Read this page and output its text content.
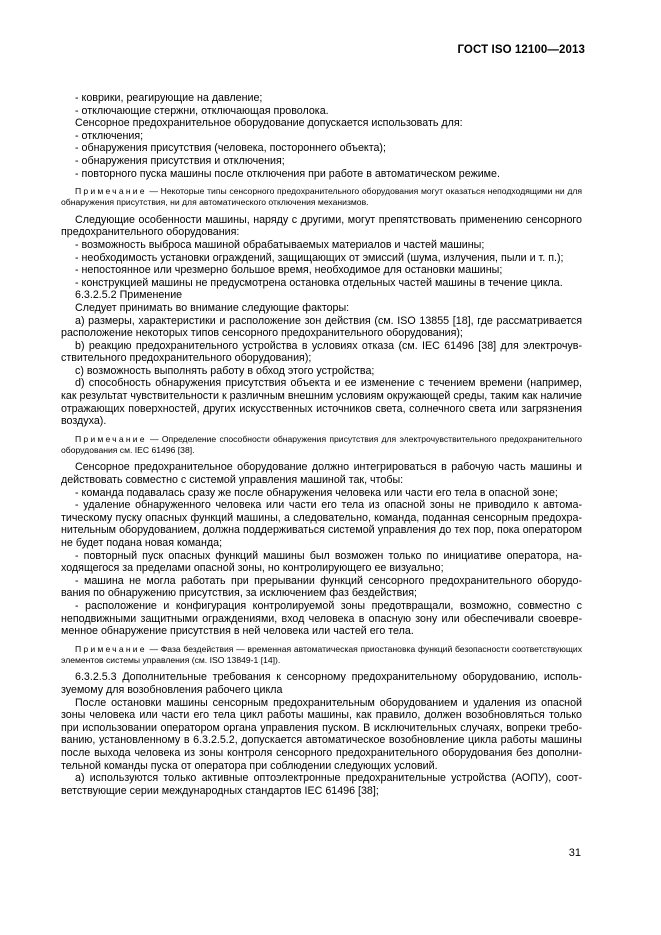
ГОСТ ISO 12100—2013

- коврики, реагирующие на давление;

- отключающие стержни, отключающая проволока.

Сенсорное предохранительное оборудование допускается использовать для:

- отключения;

- обнаружения присутствия (человека, постороннего объекта);

- обнаружения присутствия и отключения;

- повторного пуска машины после отключения при работе в автоматическом режиме.

Примечание — Некоторые типы сенсорного предохранительного оборудования могут оказаться неподходящими ни для обнаружения присутствия, ни для автоматического отключения механизмов.

Следующие особенности машины, наряду с другими, могут препятствовать применению сенсорного предохранительного оборудования:

- возможность выброса машиной обрабатываемых материалов и частей машины;

- необходимость установки ограждений, защищающих от эмиссий (шума, излучения, пыли и т. п.);

- непостоянное или чрезмерно большое время, необходимое для остановки машины;

- конструкцией машины не предусмотрена остановка отдельных частей машины в течение цикла.

6.3.2.5.2 Применение

Следует принимать во внимание следующие факторы:

a) размеры, характеристики и расположение зон действия (см. ISO 13855 [18], где рассматривается расположение некоторых типов сенсорного предохранительного оборудования);

b) реакцию предохранительного устройства в условиях отказа (см. IEC 61496 [38] для электрочувствительного предохранительного оборудования);

c) возможность выполнять работу в обход этого устройства;

d) способность обнаружения присутствия объекта и ее изменение с течением времени (например, как результат чувствительности к различным внешним условиям окружающей среды, таким как наличие отражающих поверхностей, других искусственных источников света, солнечного света или загрязнения воздуха).

Примечание — Определение способности обнаружения присутствия для электрочувствительного предохранительного оборудования см. IEC 61496 [38].

Сенсорное предохранительное оборудование должно интегрироваться в рабочую часть машины и действовать совместно с системой управления машиной так, чтобы:

- команда подавалась сразу же после обнаружения человека или части его тела в опасной зоне;

- удаление обнаруженного человека или части его тела из опасной зоны не приводило к автоматическому пуску опасных функций машины, а следовательно, команда, поданная сенсорным предохранительным оборудованием, должна поддерживаться системой управления до тех пор, пока оператором не будет подана новая команда;

- повторный пуск опасных функций машины был возможен только по инициативе оператора, находящегося за пределами опасной зоны, но контролирующего ее визуально;

- машина не могла работать при прерывании функций сенсорного предохранительного оборудования по обнаружению присутствия, за исключением фаз бездействия;

- расположение и конфигурация контролируемой зоны предотвращали, возможно, совместно с неподвижными защитными ограждениями, вход человека в опасную зону или обеспечивали своевременное обнаружение присутствия в ней человека или частей его тела.

Примечание — Фаза бездействия — временная автоматическая приостановка функций безопасности соответствующих элементов системы управления (см. ISO 13849-1 [14]).

6.3.2.5.3 Дополнительные требования к сенсорному предохранительному оборудованию, используемому для возобновления рабочего цикла

После остановки машины сенсорным предохранительным оборудованием и удаления из опасной зоны человека или части его тела цикл работы машины, как правило, должен возобновляться только при использовании оператором органа управления пуском. В исключительных случаях, вопреки требованию, установленному в 6.3.2.5.2, допускается автоматическое возобновление цикла работы машины после выхода человека из зоны контроля сенсорного предохранительного оборудования без дополнительной команды пуска от оператора при соблюдении следующих условий.

а) используются только активные оптоэлектронные предохранительные устройства (АОПУ), соответствующие серии международных стандартов IEC 61496 [38];

31
